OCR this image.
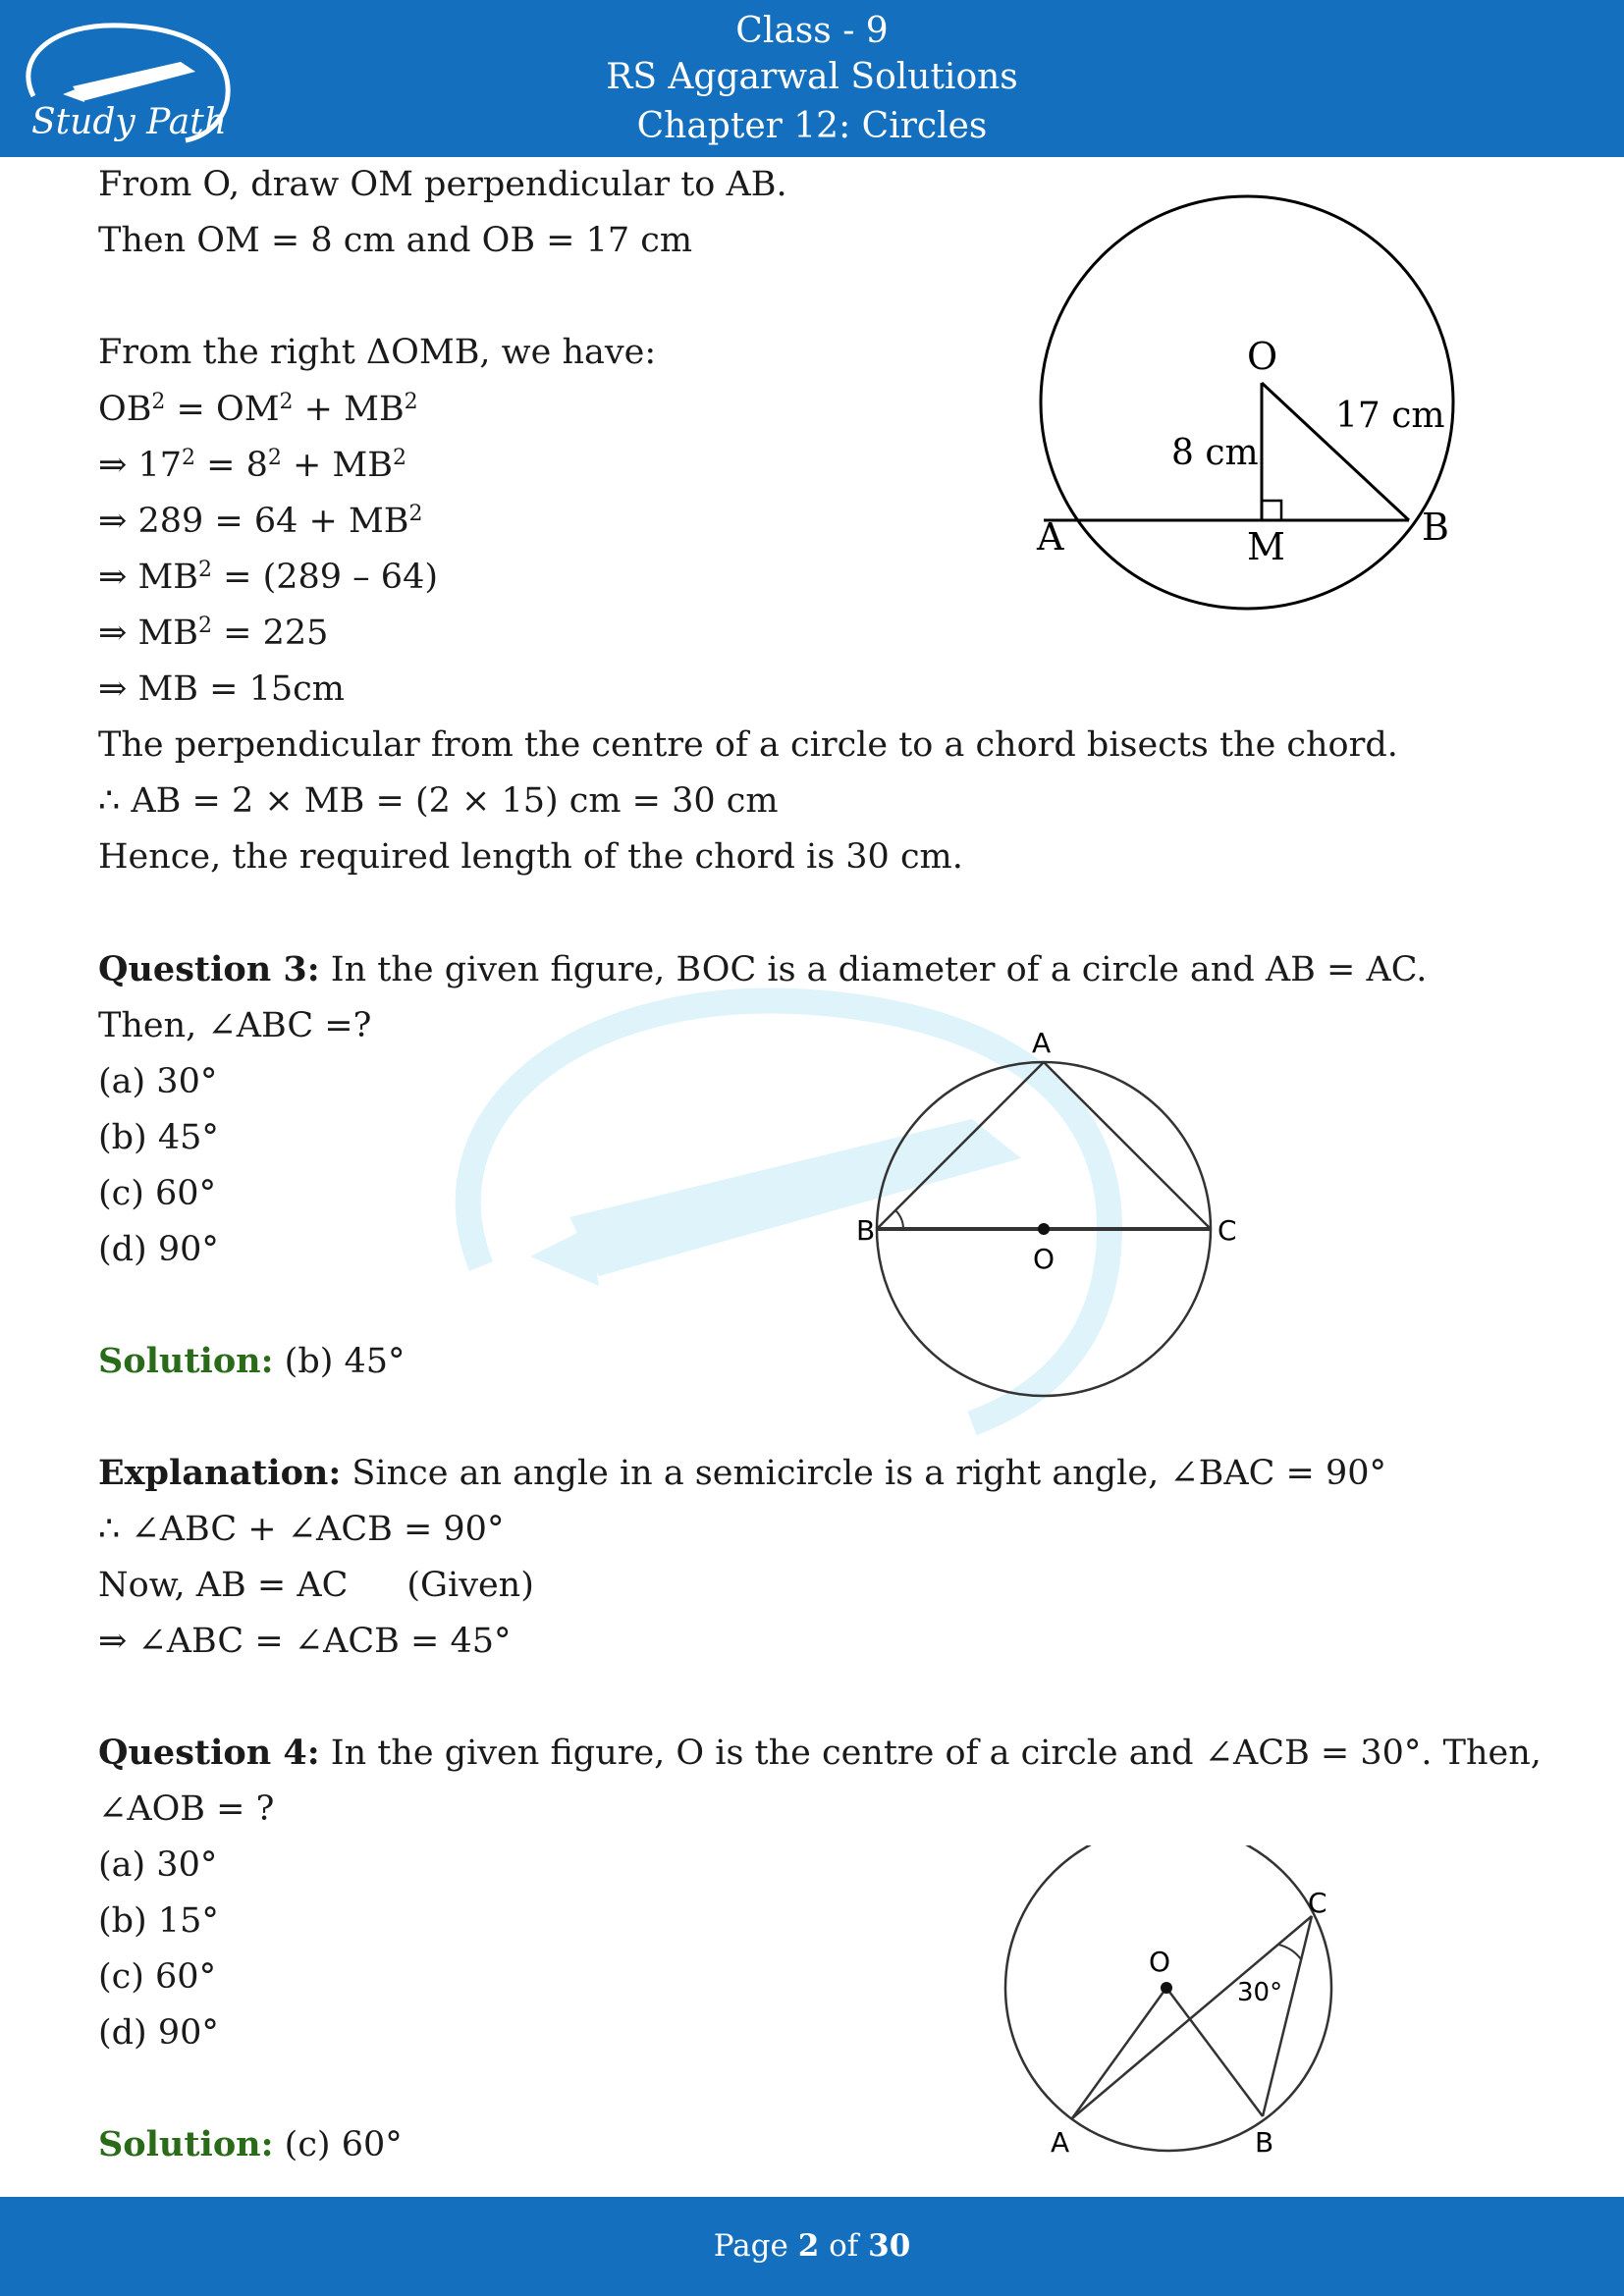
Study Path
Class - 9
RS Aggarwal Solutions
Chapter 12: Circles
From O, draw OM perpendicular to AB.
Then OM = 8 cm and OB = 17 cm
From the right ΔOMB, we have:
$OB^2 = OM^2 + MB^2$
⇒ $17^2 = 8^2 + MB^2$
⇒ $289 = 64 + MB^2$
⇒ $MB^2 = (289 - 64)$
⇒ $MB^2 = 225$
⇒ MB = 15cm
The perpendicular from the centre of a circle to a chord bisects the chord.
∴ AB = 2 × MB = (2 × 15) cm = 30 cm
Hence, the required length of the chord is 30 cm.
O
A	B
M
8 cm
17 cm
Question 3: In the given figure, BOC is a diameter of a circle and AB = AC.
Then, ∠ABC =?
(a) 30°
(b) 45°
(c) 60°
(d) 90°
Solution: (b) 45°
Explanation: Since an angle in a semicircle is a right angle, ∠BAC = 90°
∴ ∠ABC + ∠ACB = 90°
Now, AB = AC (Given)
⇒ ∠ABC = ∠ACB = 45°
A
B	C
O
Question 4: In the given figure, O is the centre of a circle and ∠ACB = 30°. Then,
∠AOB = ?
(a) 30°
(b) 15°
(c) 60°
(d) 90°
Solution: (c) 60°
C
O
30°
A	B
Page 2 of 30
